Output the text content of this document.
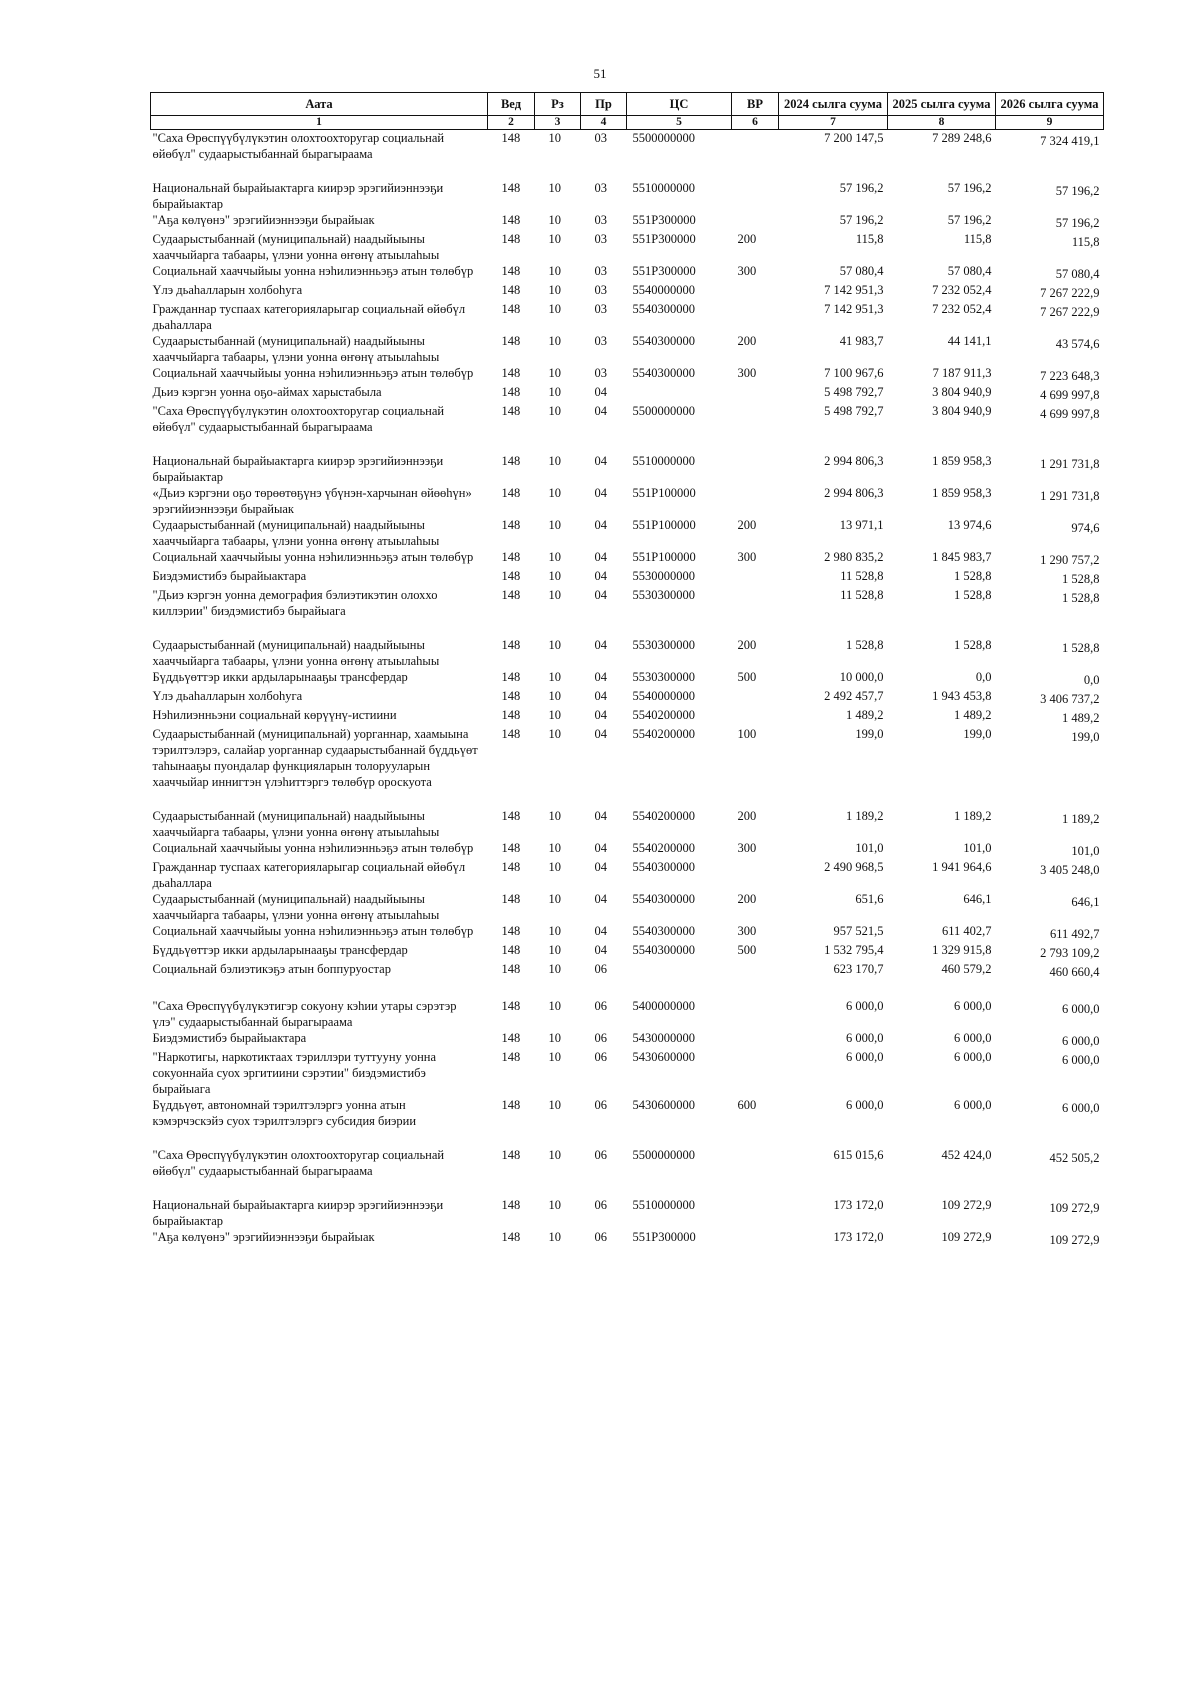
51
Аата	Вед	Рз	Пр	ЦС	ВР	2024 сылга суума	2025 сылга суума	2026 сылга суума
1	2	3	4	5	6	7	8	9
"Саха Өрөспүүбүлүкэтин олохтоохторугар социальнай өйөбүл" судаарыстыбаннай бырагыраама	148	10	03	5500000000		7 200 147,5	7 289 248,6	7 324 419,1

Национальнай бырайыактарга киирэр эрэгийиэннээҕи бырайыактар	148	10	03	5510000000		57 196,2	57 196,2	57 196,2
"Аҕа көлүөнэ" эрэгийиэннээҕи бырайыак	148	10	03	551P300000		57 196,2	57 196,2	57 196,2
Судаарыстыбаннай (муниципальнай) наадыйыыны хааччыйарга табаары, үлэни уонна өҥөнү атыылаһыы	148	10	03	551P300000	200	115,8	115,8	115,8
Социальнай хааччыйыы уонна нэһилиэнньэҕэ атын төлөбүр	148	10	03	551P300000	300	57 080,4	57 080,4	57 080,4
Үлэ дьаһалларын холбоһуга	148	10	03	5540000000		7 142 951,3	7 232 052,4	7 267 222,9
Гражданнар туспаах категорияларыгар социальнай өйөбүл дьаһаллара	148	10	03	5540300000		7 142 951,3	7 232 052,4	7 267 222,9
Судаарыстыбаннай (муниципальнай) наадыйыыны хааччыйарга табаары, үлэни уонна өҥөнү атыылаһыы	148	10	03	5540300000	200	41 983,7	44 141,1	43 574,6
Социальнай хааччыйыы уонна нэһилиэнньэҕэ атын төлөбүр	148	10	03	5540300000	300	7 100 967,6	7 187 911,3	7 223 648,3
Дьиэ кэргэн уонна оҕо-аймах харыстабыла	148	10	04			5 498 792,7	3 804 940,9	4 699 997,8
"Саха Өрөспүүбүлүкэтин олохтоохторугар социальнай өйөбүл" судаарыстыбаннай бырагыраама	148	10	04	5500000000		5 498 792,7	3 804 940,9	4 699 997,8

Национальнай бырайыактарга киирэр эрэгийиэннээҕи бырайыактар	148	10	04	5510000000		2 994 806,3	1 859 958,3	1 291 731,8
«Дьиэ кэргэни оҕо төрөөтөҕүнэ үбүнэн-харчынан өйөөһүн» эрэгийиэннээҕи бырайыак	148	10	04	551P100000		2 994 806,3	1 859 958,3	1 291 731,8
Судаарыстыбаннай (муниципальнай) наадыйыыны хааччыйарга табаары, үлэни уонна өҥөнү атыылаһыы	148	10	04	551P100000	200	13 971,1	13 974,6	974,6
Социальнай хааччыйыы уонна нэһилиэнньэҕэ атын төлөбүр	148	10	04	551P100000	300	2 980 835,2	1 845 983,7	1 290 757,2
Биэдэмистибэ бырайыактара	148	10	04	5530000000		11 528,8	1 528,8	1 528,8
"Дьиэ кэргэн уонна демография бэлиэтикэтин олоххо киллэрии" биэдэмистибэ бырайыага	148	10	04	5530300000		11 528,8	1 528,8	1 528,8

Судаарыстыбаннай (муниципальнай) наадыйыыны хааччыйарга табаары, үлэни уонна өҥөнү атыылаһыы	148	10	04	5530300000	200	1 528,8	1 528,8	1 528,8
Бүддьүөттэр икки ардыларынааҕы трансфердар	148	10	04	5530300000	500	10 000,0	0,0	0,0
Үлэ дьаһалларын холбоһуга	148	10	04	5540000000		2 492 457,7	1 943 453,8	3 406 737,2
Нэһилиэнньэни социальнай көрүүнү-истиини	148	10	04	5540200000		1 489,2	1 489,2	1 489,2
Судаарыстыбаннай (муниципальнай) уорганнар, хаамыына тэрилтэлэрэ, салайар уорганнар судаарыстыбаннай бүддьүөт таһынааҕы пуондалар функцияларын толорууларын хааччыйар иннигтэн үлэһиттэргэ төлөбүр ороскуота	148	10	04	5540200000	100	199,0	199,0	199,0

Судаарыстыбаннай (муниципальнай) наадыйыыны хааччыйарга табаары, үлэни уонна өҥөнү атыылаһыы	148	10	04	5540200000	200	1 189,2	1 189,2	1 189,2
Социальнай хааччыйыы уонна нэһилиэнньэҕэ атын төлөбүр	148	10	04	5540200000	300	101,0	101,0	101,0
Гражданнар туспаах категорияларыгар социальнай өйөбүл дьаһаллара	148	10	04	5540300000		2 490 968,5	1 941 964,6	3 405 248,0
Судаарыстыбаннай (муниципальнай) наадыйыыны хааччыйарга табаары, үлэни уонна өҥөнү атыылаһыы	148	10	04	5540300000	200	651,6	646,1	646,1
Социальнай хааччыйыы уонна нэһилиэнньэҕэ атын төлөбүр	148	10	04	5540300000	300	957 521,5	611 402,7	611 492,7
Бүддьүөттэр икки ардыларынааҕы трансфердар	148	10	04	5540300000	500	1 532 795,4	1 329 915,8	2 793 109,2
Социальнай бэлиэтикэҕэ атын боппуруостар	148	10	06			623 170,7	460 579,2	460 660,4

"Саха Өрөспүүбүлүкэтигэр сокуону кэһии утары сэрэтэр үлэ" судаарыстыбаннай бырагыраама	148	10	06	5400000000		6 000,0	6 000,0	6 000,0
Биэдэмистибэ бырайыактара	148	10	06	5430000000		6 000,0	6 000,0	6 000,0
"Наркотигы, наркотиктаах тэриллэри туттууну уонна сокуоннайа суох эргитиини сэрэтии" биэдэмистибэ бырайыага	148	10	06	5430600000		6 000,0	6 000,0	6 000,0
Бүддьүөт, автономнай тэрилтэлэргэ уонна атын кэмэрчэскэйэ суох тэрилтэлэргэ субсидия биэрии	148	10	06	5430600000	600	6 000,0	6 000,0	6 000,0

"Саха Өрөспүүбүлүкэтин олохтоохторугар социальнай өйөбүл" судаарыстыбаннай бырагыраама	148	10	06	5500000000		615 015,6	452 424,0	452 505,2

Национальнай бырайыактарга киирэр эрэгийиэннээҕи бырайыактар	148	10	06	5510000000		173 172,0	109 272,9	109 272,9
"Аҕа көлүөнэ" эрэгийиэннээҕи бырайыак	148	10	06	551P300000		173 172,0	109 272,9	109 272,9
